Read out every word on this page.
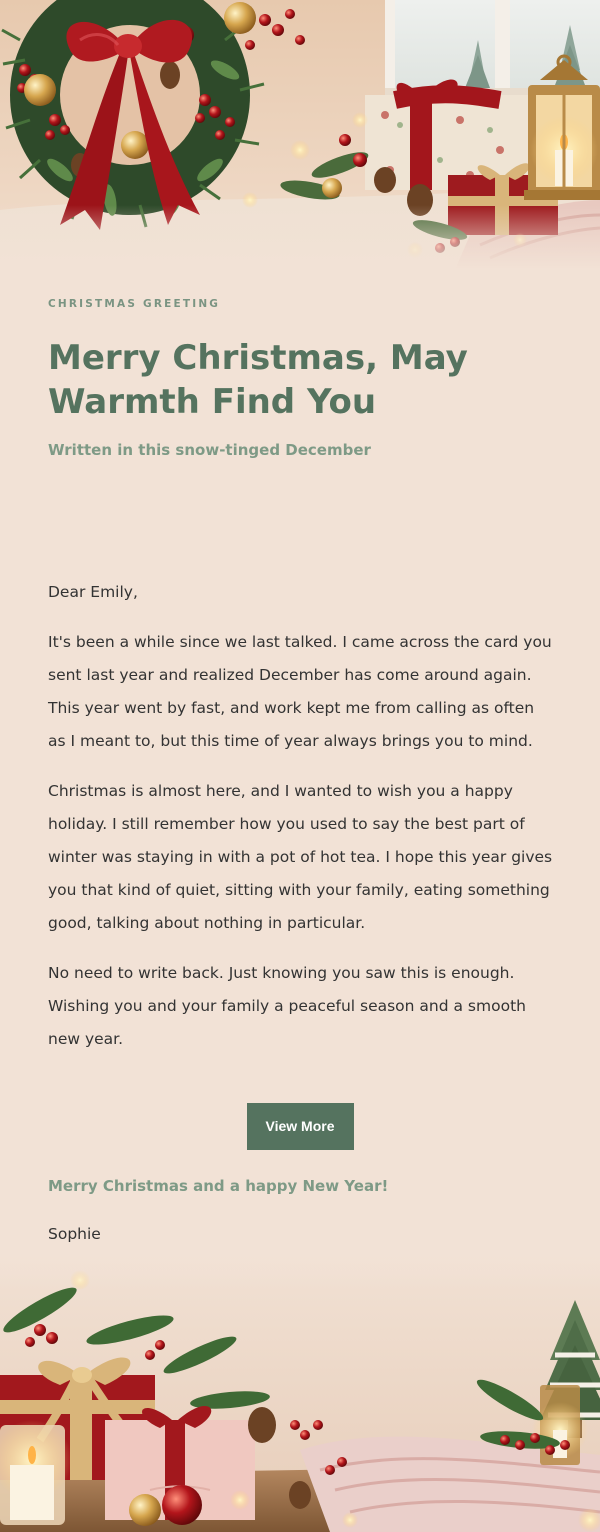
CHRISTMAS GREETING
Merry Christmas, May Warmth Find You
Written in this snow-tinged December

Dear Emily,

It's been a while since we last talked. I came across the card you sent last year and realized December has come around again. This year went by fast, and work kept me from calling as often as I meant to, but this time of year always brings you to mind.

Christmas is almost here, and I wanted to wish you a happy holiday. I still remember how you used to say the best part of winter was staying in with a pot of hot tea. I hope this year gives you that kind of quiet, sitting with your family, eating something good, talking about nothing in particular.

No need to write back. Just knowing you saw this is enough. Wishing you and your family a peaceful season and a smooth new year.

View More
Merry Christmas and a happy New Year!
Sophie
